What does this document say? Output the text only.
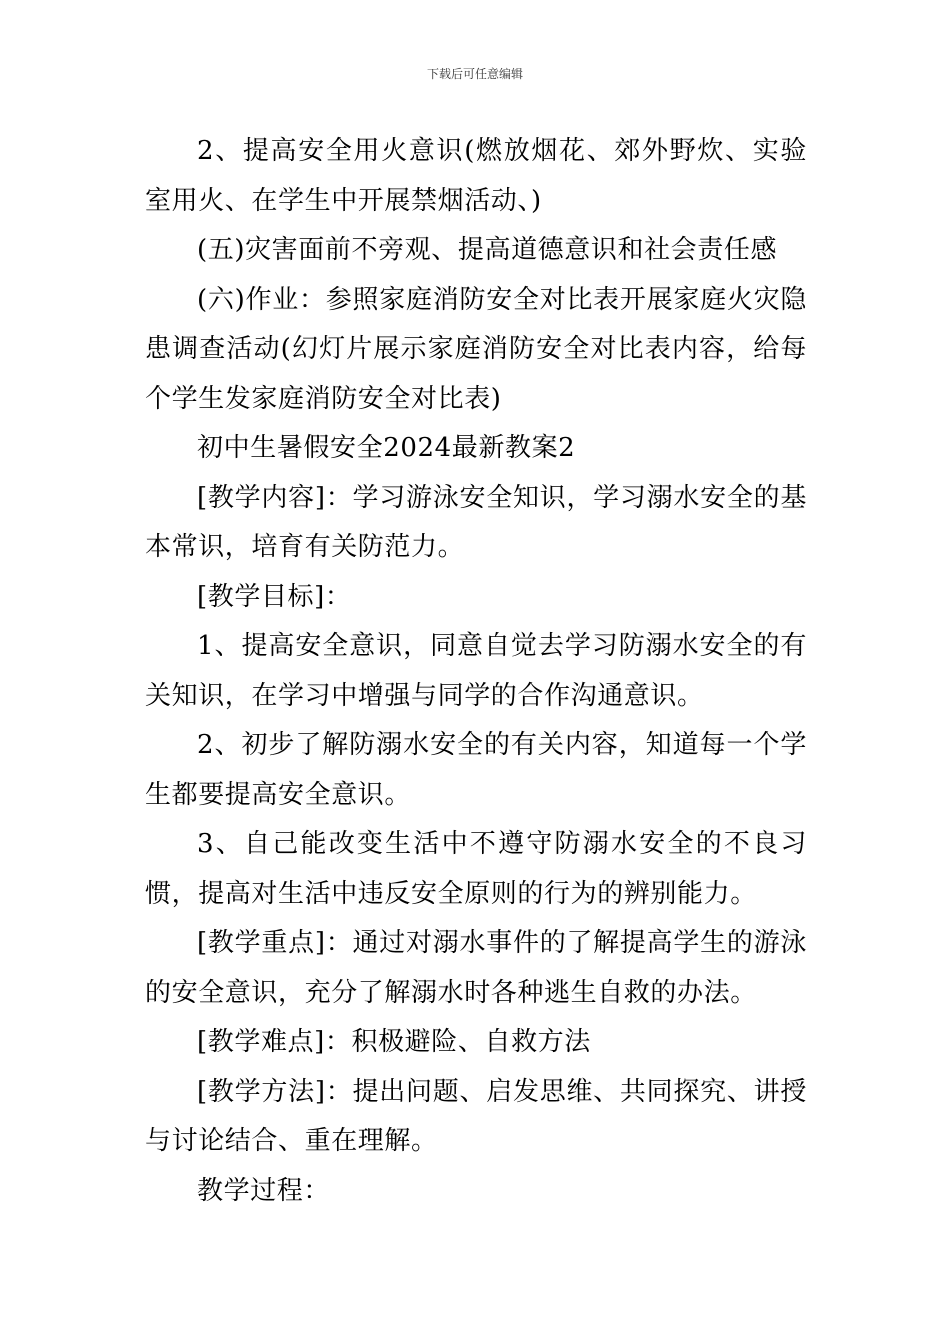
下载后可任意编辑

2、提高安全用火意识(燃放烟花、郊外野炊、实验室用火、在学生中开展禁烟活动、)

(五)灾害面前不旁观、提高道德意识和社会责任感

(六)作业：参照家庭消防安全对比表开展家庭火灾隐患调查活动(幻灯片展示家庭消防安全对比表内容，给每个学生发家庭消防安全对比表)

初中生暑假安全2024最新教案2

[教学内容]：学习游泳安全知识，学习溺水安全的基本常识，培育有关防范力。

[教学目标]：

1、提高安全意识，同意自觉去学习防溺水安全的有关知识，在学习中增强与同学的合作沟通意识。

2、初步了解防溺水安全的有关内容，知道每一个学生都要提高安全意识。

3、自己能改变生活中不遵守防溺水安全的不良习惯，提高对生活中违反安全原则的行为的辨别能力。

[教学重点]：通过对溺水事件的了解提高学生的游泳的安全意识，充分了解溺水时各种逃生自救的办法。

[教学难点]：积极避险、自救方法

[教学方法]：提出问题、启发思维、共同探究、讲授与讨论结合、重在理解。

教学过程：
